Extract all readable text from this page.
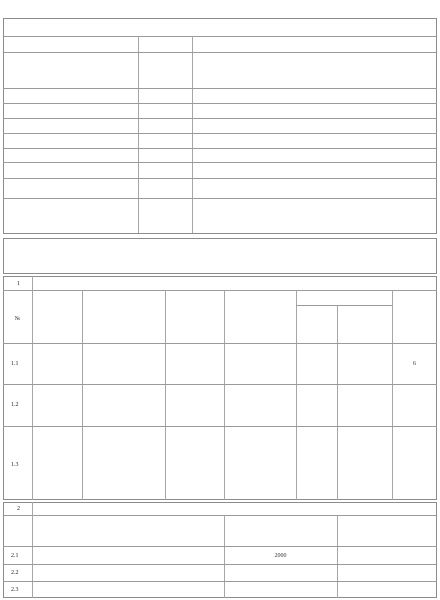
1
№
1.1	6
1.2
1.3
2
2.1	2000
2.2
2.3
